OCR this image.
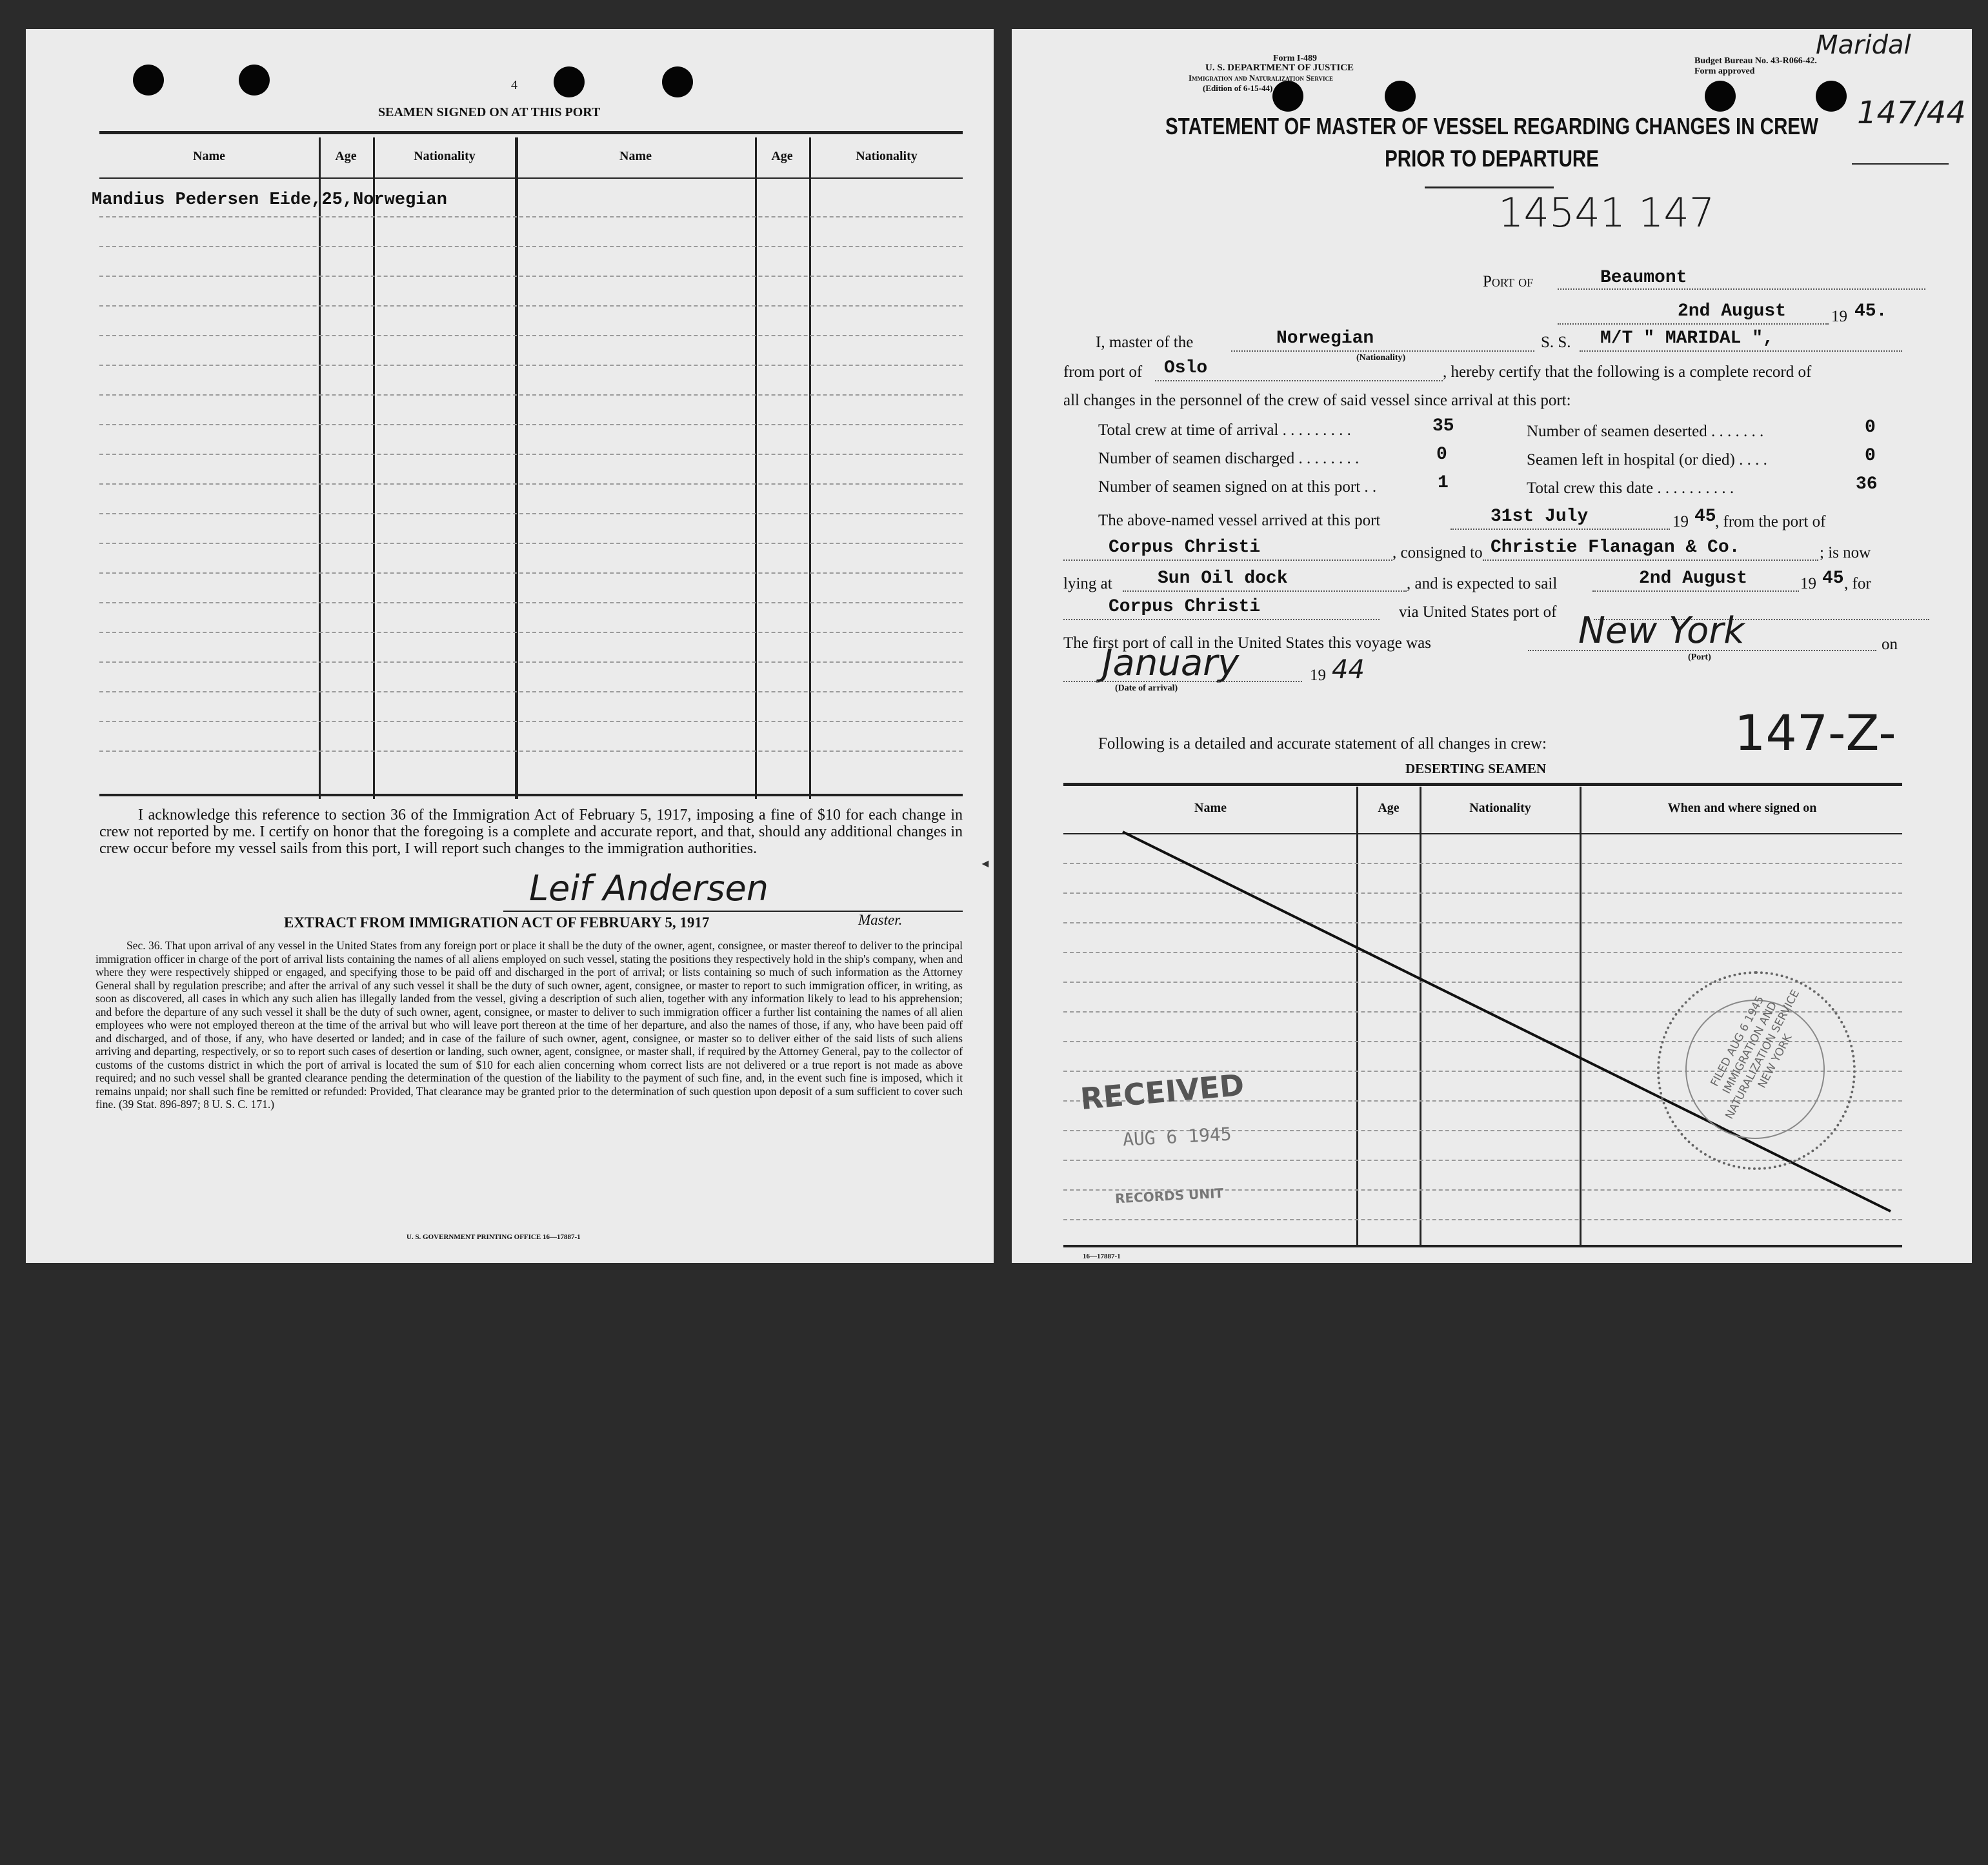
4
SEAMEN SIGNED ON AT THIS PORT
Name	Age	Nationality	Name	Age	Nationality
Mandius Pedersen Eide,25,Norwegian
I acknowledge this reference to section 36 of the Immigration Act of February 5, 1917, imposing a fine of $10 for each change in crew not reported by me. I certify on honor that the foregoing is a complete and accurate report, and that, should any additional changes in crew occur before my vessel sails from this port, I will report such changes to the immigration authorities.
Leif Andersen
Master.
EXTRACT FROM IMMIGRATION ACT OF FEBRUARY 5, 1917
Sec. 36. That upon arrival of any vessel in the United States from any foreign port or place it shall be the duty of the owner, agent, consignee, or master thereof to deliver to the principal immigration officer in charge of the port of arrival lists containing the names of all aliens employed on such vessel, stating the positions they respectively hold in the ship's company, when and where they were respectively shipped or engaged, and specifying those to be paid off and discharged in the port of arrival; or lists containing so much of such information as the Attorney General shall by regulation prescribe; and after the arrival of any such vessel it shall be the duty of such owner, agent, consignee, or master to report to such immigration officer, in writing, as soon as discovered, all cases in which any such alien has illegally landed from the vessel, giving a description of such alien, together with any information likely to lead to his apprehension; and before the departure of any such vessel it shall be the duty of such owner, agent, consignee, or master to deliver to such immigration officer a further list containing the names of all alien employees who were not employed thereon at the time of the arrival but who will leave port thereon at the time of her departure, and also the names of those, if any, who have been paid off and discharged, and of those, if any, who have deserted or landed; and in case of the failure of such owner, agent, consignee, or master so to deliver either of the said lists of such aliens arriving and departing, respectively, or so to report such cases of desertion or landing, such owner, agent, consignee, or master shall, if required by the Attorney General, pay to the collector of customs of the customs district in which the port of arrival is located the sum of $10 for each alien concerning whom correct lists are not delivered or a true report is not made as above required; and no such vessel shall be granted clearance pending the determination of the question of the liability to the payment of such fine, and, in the event such fine is imposed, which it remains unpaid; nor shall such fine be remitted or refunded: Provided, That clearance may be granted prior to the determination of such question upon deposit of a sum sufficient to cover such fine. (39 Stat. 896-897; 8 U. S. C. 171.)
U. S. GOVERNMENT PRINTING OFFICE 16—17887-1
◄
Form I-489
U. S. DEPARTMENT OF JUSTICE
Immigration and Naturalization Service
(Edition of 6-15-44)
Budget Bureau No. 43-R066-42.
Form approved
Maridal
147/44
STATEMENT OF MASTER OF VESSEL REGARDING CHANGES IN CREW
PRIOR TO DEPARTURE
14541 147
Port of	Beaumont
2nd August	19 45.
I, master of the	Norwegian
(Nationality)
S. S. M/T " MARIDAL ",
from port of Oslo	, hereby certify that the following is a complete record of
all changes in the personnel of the crew of said vessel since arrival at this port:
Total crew at time of arrival . . . . . . . . .	35	Number of seamen deserted . . . . . . .	0
Number of seamen discharged . . . . . . . .	0	Seamen left in hospital (or died) . . . .	0
Number of seamen signed on at this port . .	1	Total crew this date . . . . . . . . . .	36
The above-named vessel arrived at this port	31st July	19 45
, from the port of
Corpus Christi	, consigned to Christie Flanagan & Co.	; is now
lying at	Sun Oil dock	, and is expected to sail	2nd August	19 45 , for
Corpus Christi	via United States port of
The first port of call in the United States this voyage was	New York
(Port)
on
January
(Date of arrival)
19 44
Following is a detailed and accurate statement of all changes in crew:	147-Z-
DESERTING SEAMEN
Name	Age	Nationality	When and where signed on
FILED AUG 6 1945 IMMIGRATION AND NATURALIZATION SERVICE NEW YORK
RECEIVED
AUG 6 1945
RECORDS UNIT
16—17887-1
